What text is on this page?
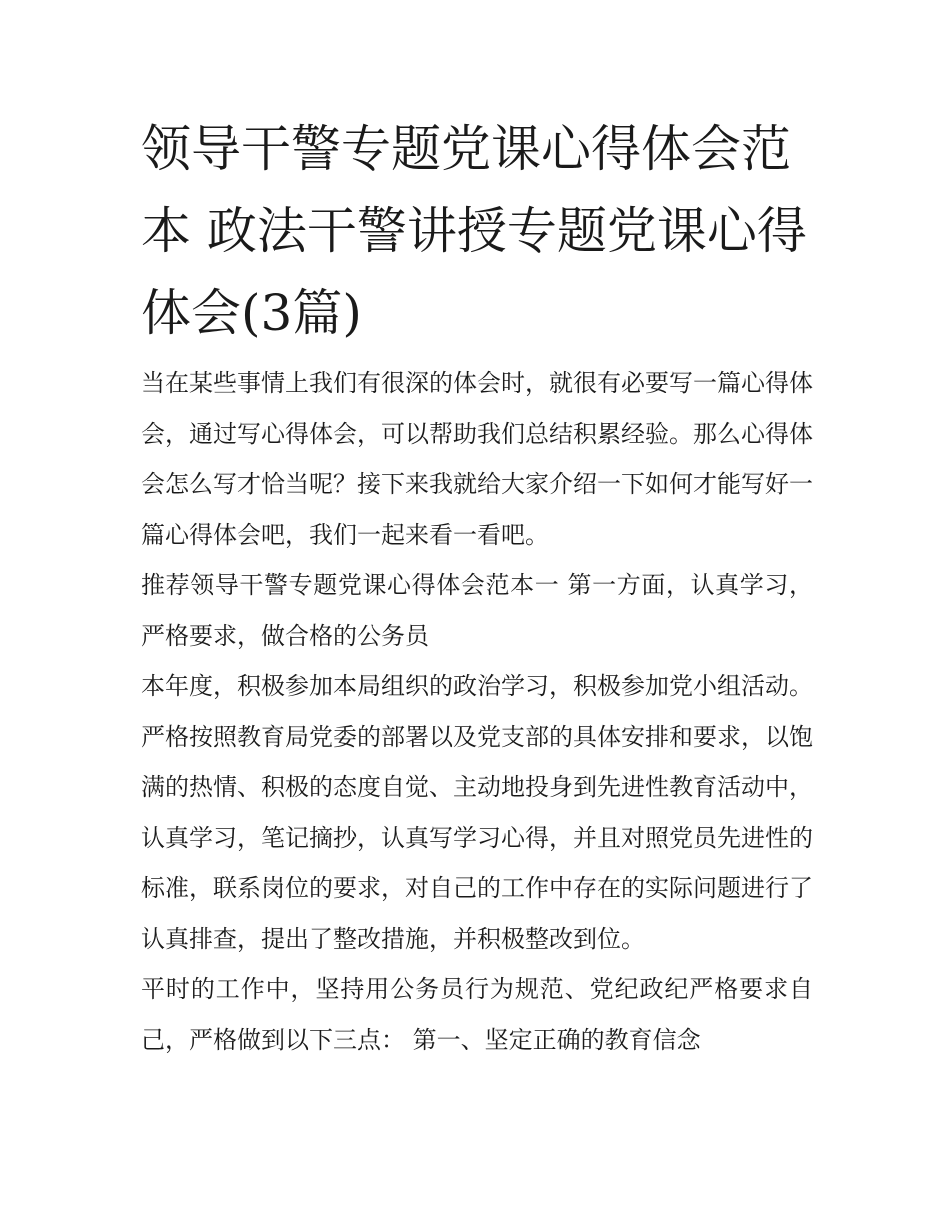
领导干警专题党课心得体会范本 政法干警讲授专题党课心得体会(3篇)

当在某些事情上我们有很深的体会时，就很有必要写一篇心得体会，通过写心得体会，可以帮助我们总结积累经验。那么心得体会怎么写才恰当呢？接下来我就给大家介绍一下如何才能写好一篇心得体会吧，我们一起来看一看吧。

推荐领导干警专题党课心得体会范本一 第一方面，认真学习，严格要求，做合格的公务员

本年度，积极参加本局组织的政治学习，积极参加党小组活动。严格按照教育局党委的部署以及党支部的具体安排和要求，以饱满的热情、积极的态度自觉、主动地投身到先进性教育活动中，认真学习，笔记摘抄，认真写学习心得，并且对照党员先进性的标准，联系岗位的要求，对自己的工作中存在的实际问题进行了认真排查，提出了整改措施，并积极整改到位。

平时的工作中，坚持用公务员行为规范、党纪政纪严格要求自己，严格做到以下三点： 第一、坚定正确的教育信念
